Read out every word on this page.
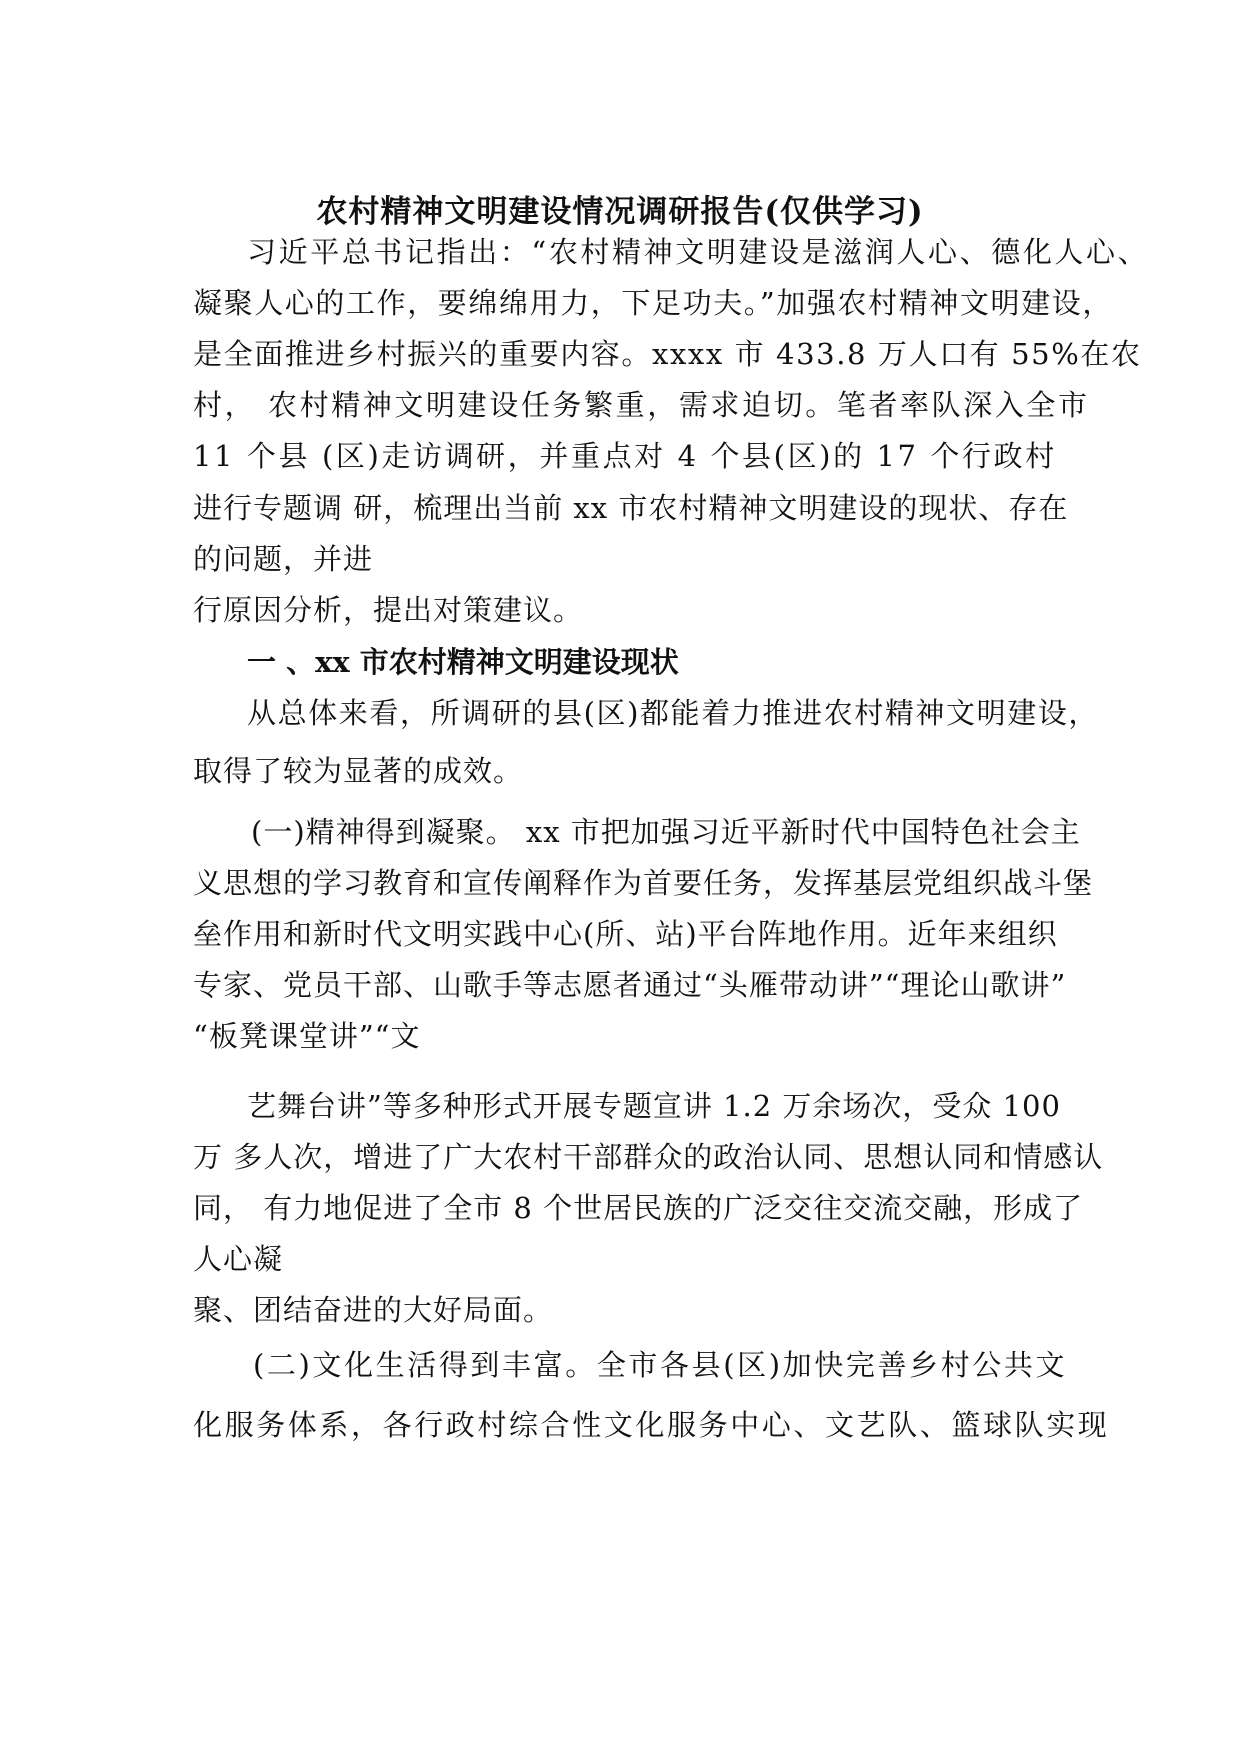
农村精神文明建设情况调研报告(仅供学习)
习近平总书记指出：“农村精神文明建设是滋润人心、德化人心、
凝聚人心的工作，要绵绵用力，下足功夫。”加强农村精神文明建设，
是全面推进乡村振兴的重要内容。xxxx 市 433.8 万人口有 55%在农
村， 农村精神文明建设任务繁重，需求迫切。笔者率队深入全市
11 个县 (区)走访调研，并重点对 4 个县(区)的 17 个行政村
进行专题调 研，梳理出当前 xx 市农村精神文明建设的现状、存在
的问题，并进
行原因分析，提出对策建议。
一 、xx 市农村精神文明建设现状
从总体来看，所调研的县(区)都能着力推进农村精神文明建设，
取得了较为显著的成效。
(一)精神得到凝聚。 xx 市把加强习近平新时代中国特色社会主
义思想的学习教育和宣传阐释作为首要任务，发挥基层党组织战斗堡
垒作用和新时代文明实践中心(所、站)平台阵地作用。近年来组织
专家、党员干部、山歌手等志愿者通过“头雁带动讲”“理论山歌讲”
“板凳课堂讲”“文
艺舞台讲”等多种形式开展专题宣讲 1.2 万余场次，受众 100
万 多人次，增进了广大农村干部群众的政治认同、思想认同和情感认
同， 有力地促进了全市 8 个世居民族的广泛交往交流交融，形成了
人心凝
聚、团结奋进的大好局面。
(二)文化生活得到丰富。全市各县(区)加快完善乡村公共文
化服务体系，各行政村综合性文化服务中心、文艺队、篮球队实现
